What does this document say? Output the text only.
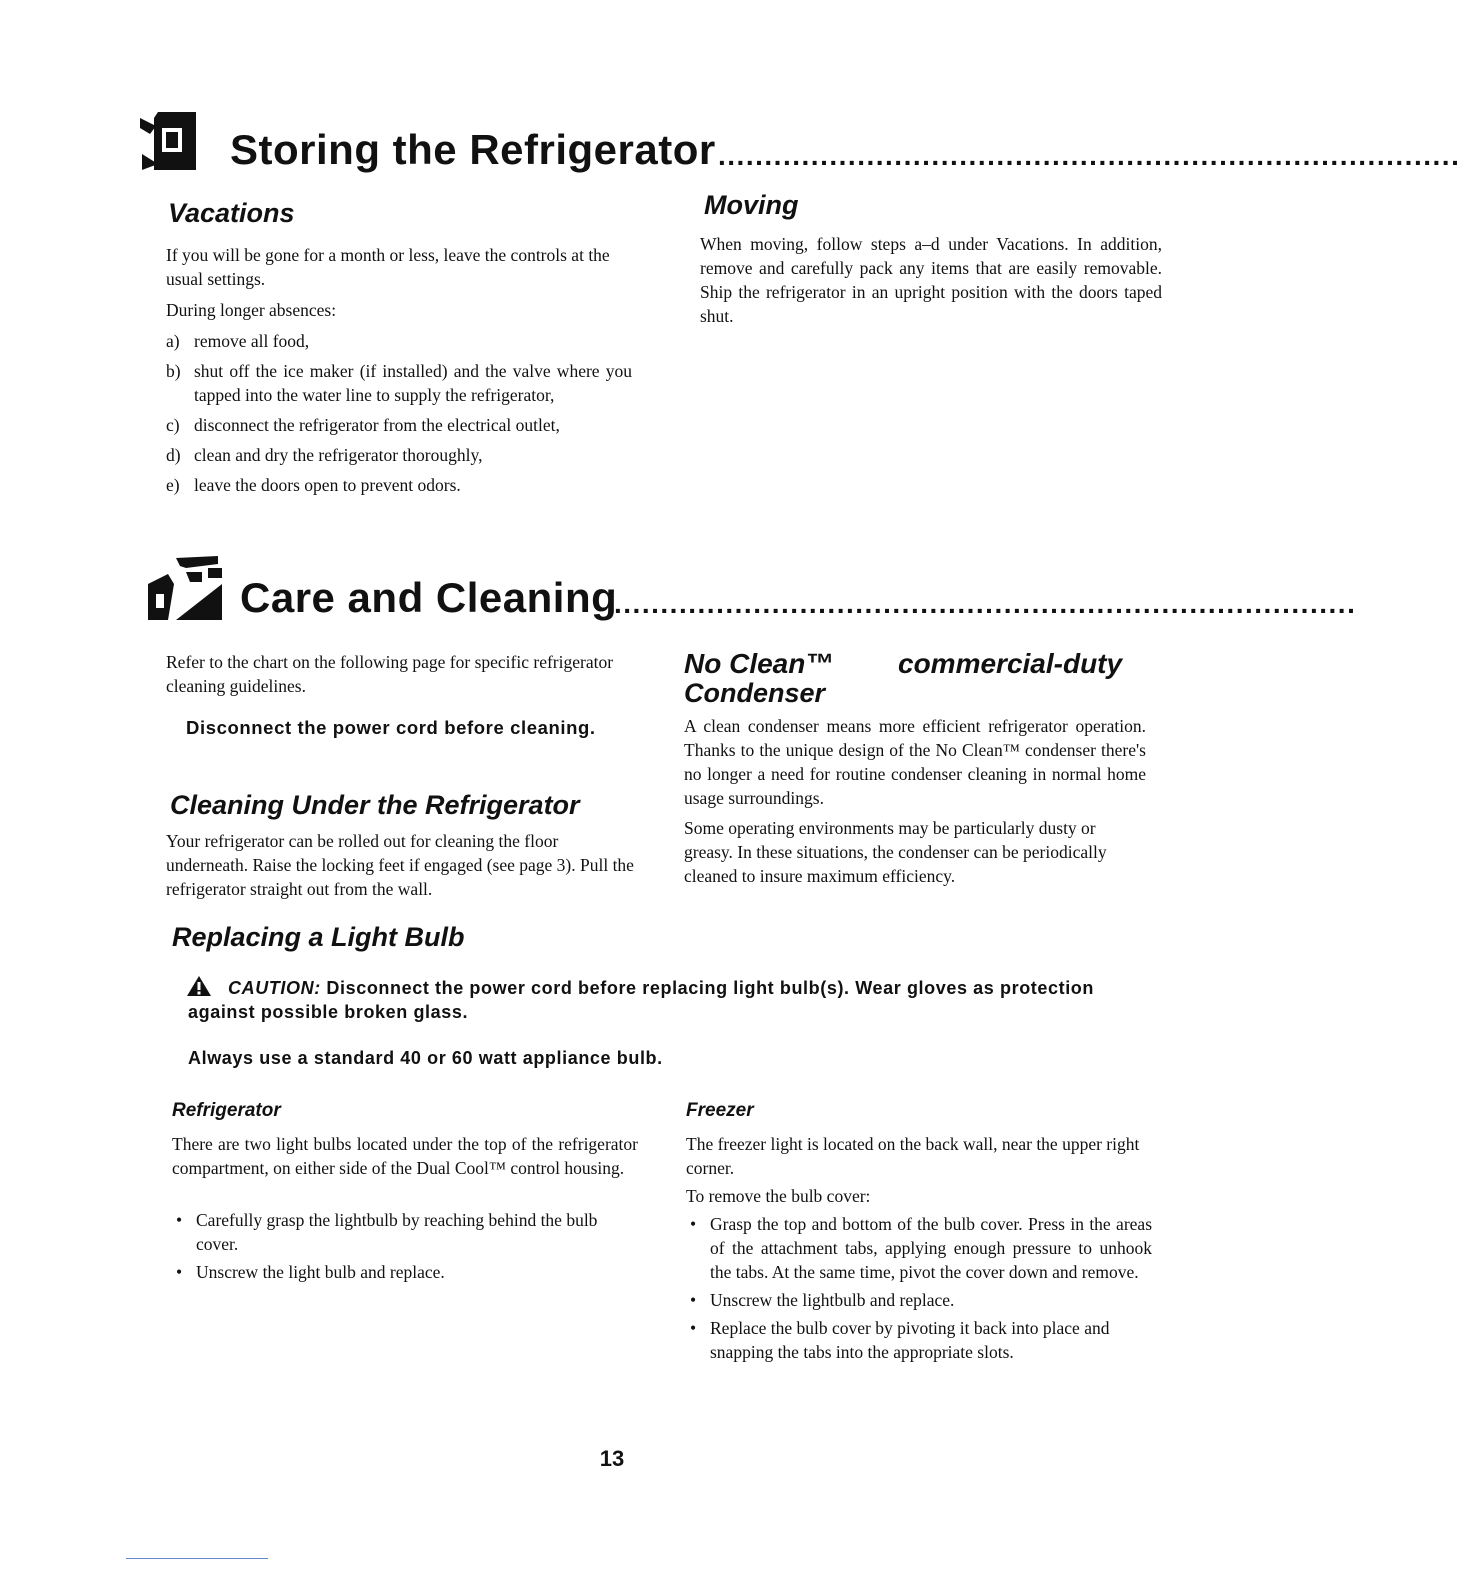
Storing the Refrigerator ................................................................................
Vacations

If you will be gone for a month or less, leave the controls at the usual settings.

During longer absences:

a) remove all food,
b) shut off the ice maker (if installed) and the valve where you tapped into the water line to supply the refrigerator,
c) disconnect the refrigerator from the electrical outlet,
d) clean and dry the refrigerator thoroughly,
e) leave the doors open to prevent odors.
Moving

When moving, follow steps a–d under Vacations. In addition, remove and carefully pack any items that are easily removable. Ship the refrigerator in an upright position with the doors taped shut.

Care and Cleaning
................................................................................

Refer to the chart on the following page for specific refrigerator cleaning guidelines.

Disconnect the power cord before cleaning.
Cleaning Under the Refrigerator

Your refrigerator can be rolled out for cleaning the floor underneath. Raise the locking feet if engaged (see page 3). Pull the refrigerator straight out from the wall.

No Clean™ commercial-duty
Condenser

A clean condenser means more efficient refrigerator operation. Thanks to the unique design of the No Clean™ condenser there's no longer a need for routine condenser cleaning in normal home usage surroundings.

Some operating environments may be particularly dusty or greasy. In these situations, the condenser can be periodically cleaned to insure maximum efficiency.

Replacing a Light Bulb
CAUTION: Disconnect the power cord before replacing light bulb(s). Wear gloves as protection against possible broken glass.
Always use a standard 40 or 60 watt appliance bulb.
Refrigerator

There are two light bulbs located under the top of the refrigerator compartment, on either side of the Dual Cool™ control housing.

• Carefully grasp the lightbulb by reaching behind the bulb cover.
• Unscrew the light bulb and replace.
Freezer

The freezer light is located on the back wall, near the upper right corner.

To remove the bulb cover:

• Grasp the top and bottom of the bulb cover. Press in the areas of the attachment tabs, applying enough pressure to unhook the tabs. At the same time, pivot the cover down and remove.
• Unscrew the lightbulb and replace.
• Replace the bulb cover by pivoting it back into place and snapping the tabs into the appropriate slots.
13
